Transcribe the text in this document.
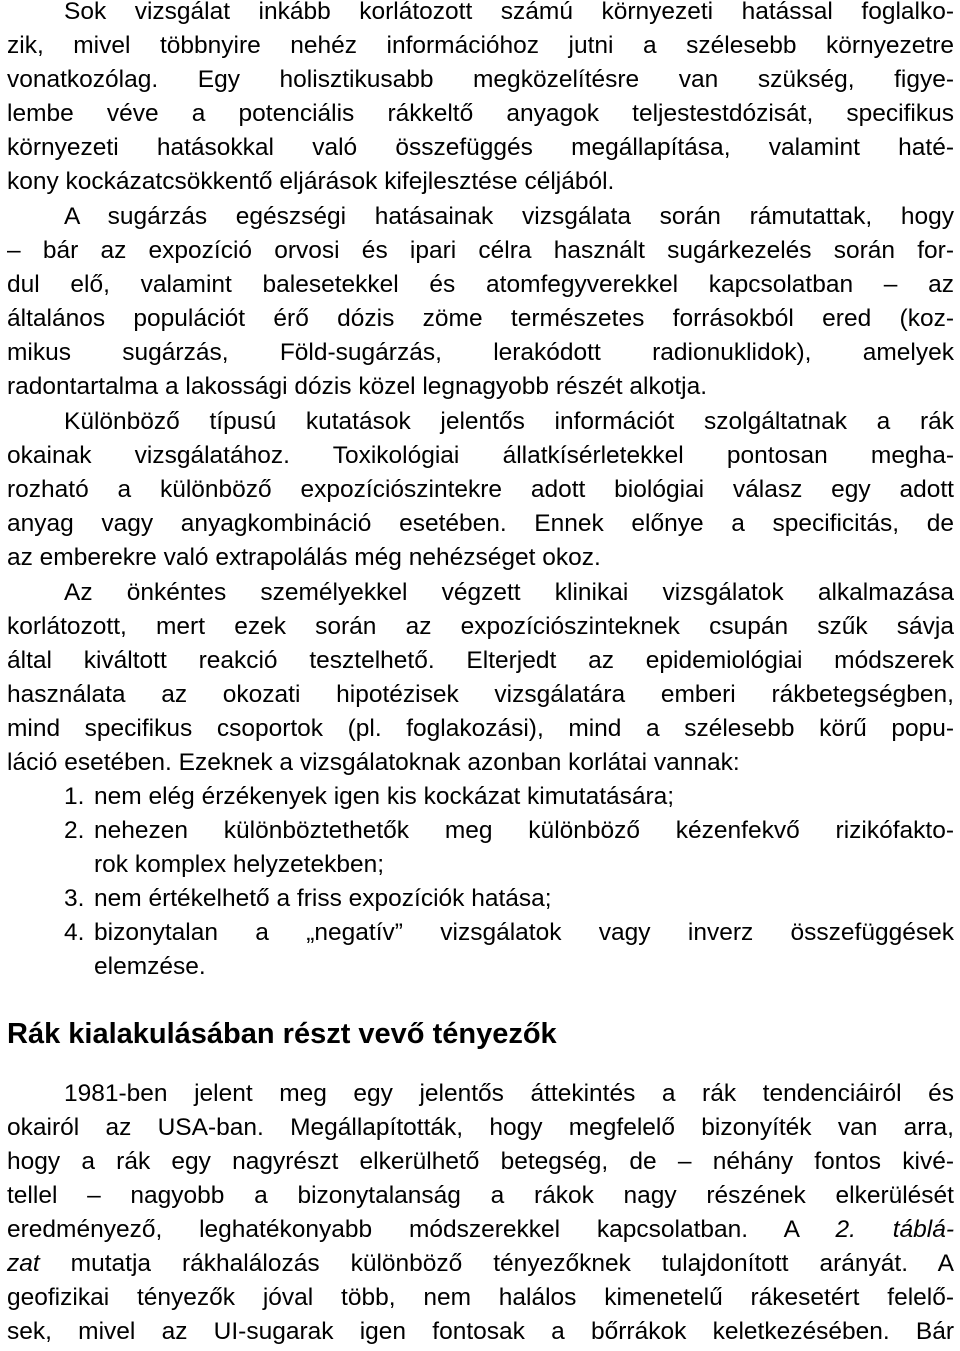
Sok vizsgálat inkább korlátozott számú környezeti hatással foglalko-

zik, mivel többnyire nehéz információhoz jutni a szélesebb környezetre

vonatkozólag. Egy holisztikusabb megközelítésre van szükség, figye-

lembe véve a potenciális rákkeltő anyagok teljestestdózisát, specifikus

környezeti hatásokkal való összefüggés megállapítása, valamint haté-

kony kockázatcsökkentő eljárások kifejlesztése céljából.

A sugárzás egészségi hatásainak vizsgálata során rámutattak, hogy

– bár az expozíció orvosi és ipari célra használt sugárkezelés során for-

dul elő, valamint balesetekkel és atomfegyverekkel kapcsolatban – az

általános populációt érő dózis zöme természetes forrásokból ered (koz-

mikus sugárzás, Föld-sugárzás, lerakódott radionuklidok), amelyek

radontartalma a lakossági dózis közel legnagyobb részét alkotja.

Különböző típusú kutatások jelentős információt szolgáltatnak a rák

okainak vizsgálatához. Toxikológiai állatkísérletekkel pontosan megha-

rozható a különböző expozíciószintekre adott biológiai válasz egy adott

anyag vagy anyagkombináció esetében. Ennek előnye a specificitás, de

az emberekre való extrapolálás még nehézséget okoz.

Az önkéntes személyekkel végzett klinikai vizsgálatok alkalmazása

korlátozott, mert ezek során az expozíciószinteknek csupán szűk sávja

által kiváltott reakció tesztelhető. Elterjedt az epidemiológiai módszerek

használata az okozati hipotézisek vizsgálatára emberi rákbetegségben,

mind specifikus csoportok (pl. foglakozási), mind a szélesebb körű popu-

láció esetében. Ezeknek a vizsgálatoknak azonban korlátai vannak:

1. nem elég érzékenyek igen kis kockázat kimutatására;

2. nehezen különböztethetők meg különböző kézenfekvő rizikófakto-

rok komplex helyzetekben;

3. nem értékelhető a friss expozíciók hatása;

4. bizonytalan a „negatív” vizsgálatok vagy inverz összefüggések

elemzése.

Rák kialakulásában részt vevő tényezők

1981-ben jelent meg egy jelentős áttekintés a rák tendenciáiról és

okairól az USA-ban. Megállapították, hogy megfelelő bizonyíték van arra,

hogy a rák egy nagyrészt elkerülhető betegség, de – néhány fontos kivé-

tellel – nagyobb a bizonytalanság a rákok nagy részének elkerülését

eredményező, leghatékonyabb módszerekkel kapcsolatban. A 2. táblá-

zat mutatja rákhalálozás különböző tényezőknek tulajdonított arányát. A

geofizikai tényezők jóval több, nem halálos kimenetelű rákesetért felelő-

sek, mivel az UI-sugarak igen fontosak a bőrrákok keletkezésében. Bár
